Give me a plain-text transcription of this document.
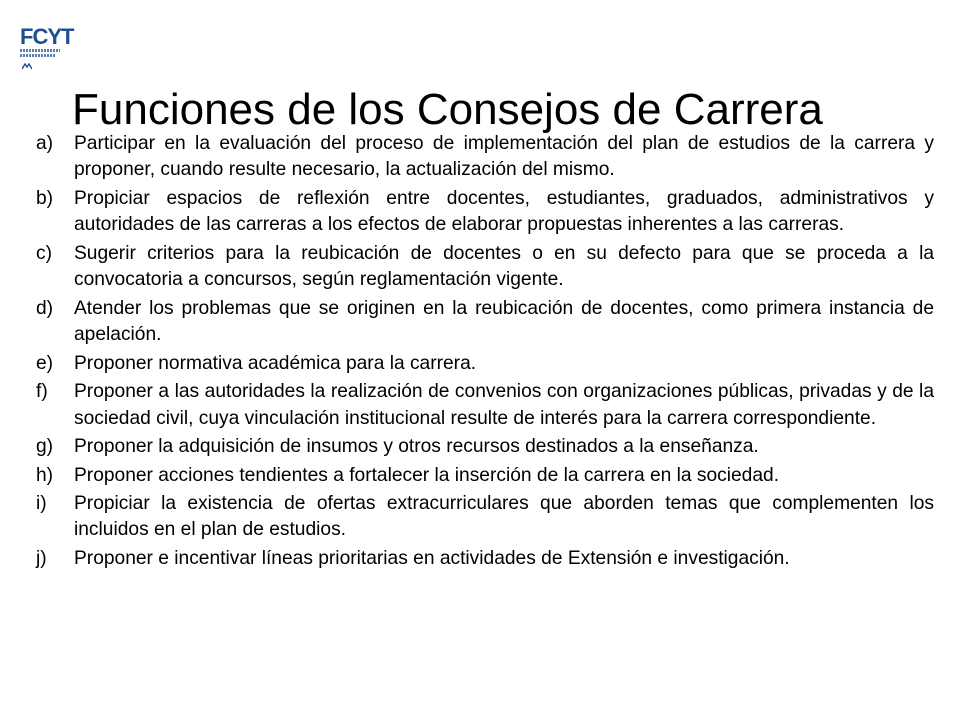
FCYT
Funciones de los Consejos de Carrera
a)	Participar en la evaluación del proceso de implementación del plan de estudios de la carrera y proponer, cuando resulte necesario, la actualización del mismo.
b)	Propiciar espacios de reflexión entre docentes, estudiantes, graduados, administrativos y autoridades de las carreras a los efectos de elaborar propuestas inherentes a las carreras.
c)	Sugerir criterios para la reubicación de docentes o en su defecto para que se proceda a la convocatoria a concursos, según reglamentación vigente.
d)	Atender los problemas que se originen en la reubicación de docentes, como primera instancia de apelación.
e)	Proponer normativa académica para la carrera.
f)	Proponer a las autoridades la realización de convenios con organizaciones públicas, privadas y de la sociedad civil, cuya vinculación institucional resulte de interés para la carrera correspondiente.
g)	Proponer la adquisición de insumos y otros recursos destinados a la enseñanza.
h)	Proponer acciones tendientes a fortalecer la inserción de la carrera en la sociedad.
i)	Propiciar la existencia de ofertas extracurriculares que aborden temas que complementen los incluidos en el plan de estudios.
j)	Proponer e incentivar líneas prioritarias en actividades de Extensión e investigación.
